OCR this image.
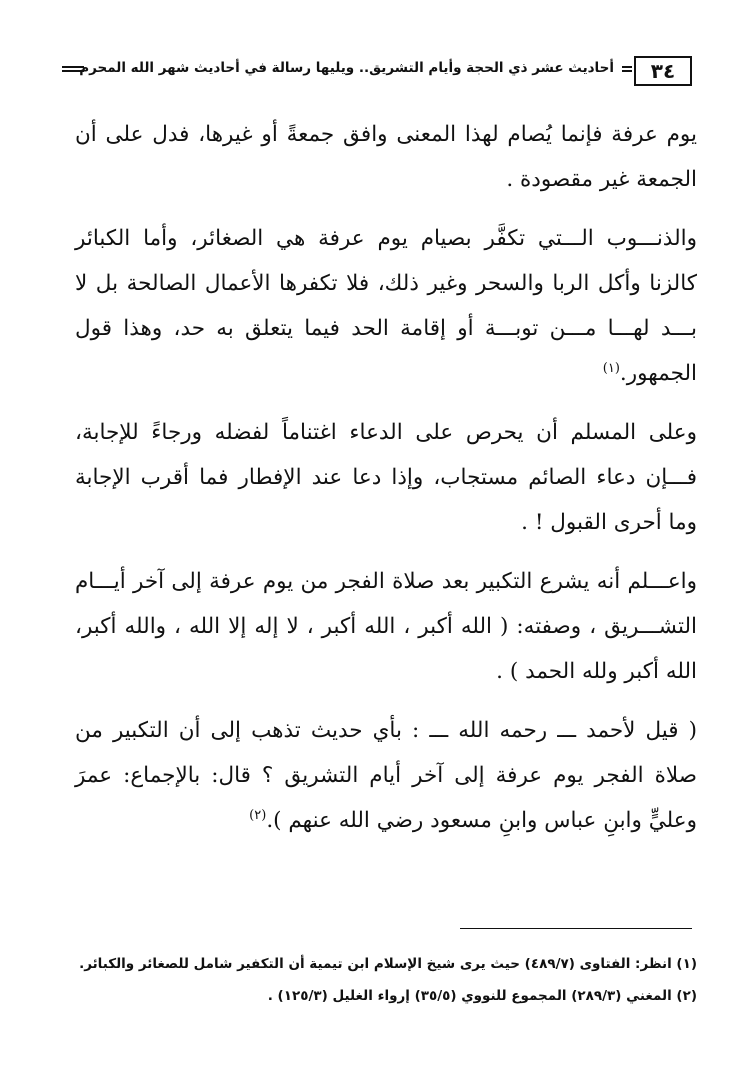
٣٤
أحاديث عشر ذي الحجة وأيام التشريق.. ويليها رسالة في أحاديث شهر الله المحرم

يوم عرفة فإنما يُصام لهذا المعنى وافق جمعةً أو غيرها، فدل على أن الجمعة غير مقصودة .

والذنـــوب الـــتي تكفَّر بصيام يوم عرفة هي الصغائر، وأما الكبائر كالزنا وأكل الربا والسحر وغير ذلك، فلا تكفرها الأعمال الصالحة بل لا بـــد لهـــا مـــن توبـــة أو إقامة الحد فيما يتعلق به حد، وهذا قول الجمهور.$^{(١)}$

وعلى المسلم أن يحرص على الدعاء اغتناماً لفضله ورجاءً للإجابة، فـــإن دعاء الصائم مستجاب، وإذا دعا عند الإفطار فما أقرب الإجابة وما أحرى القبول ! .

واعـــلم أنه يشرع التكبير بعد صلاة الفجر من يوم عرفة إلى آخر أيـــام التشـــريق ، وصفته: ( الله أكبر ، الله أكبر ، لا إله إلا الله ، والله أكبر، الله أكبر ولله الحمد ) .

( قيل لأحمد ـــ رحمه الله ـــ : بأي حديث تذهب إلى أن التكبير من صلاة الفجر يوم عرفة إلى آخر أيام التشريق ؟ قال: بالإجماع: عمرَ وعليٍّ وابنِ عباس وابنِ مسعود رضي الله عنهم ).$^{(٢)}$

(١) انظر: الفتاوى (٤٨٩/٧) حيث يرى شيخ الإسلام ابن تيمية أن التكفير شامل للصغائر والكبائر.

(٢) المغني (٢٨٩/٣) المجموع للنووي (٣٥/٥) إرواء الغليل (١٢٥/٣) .
